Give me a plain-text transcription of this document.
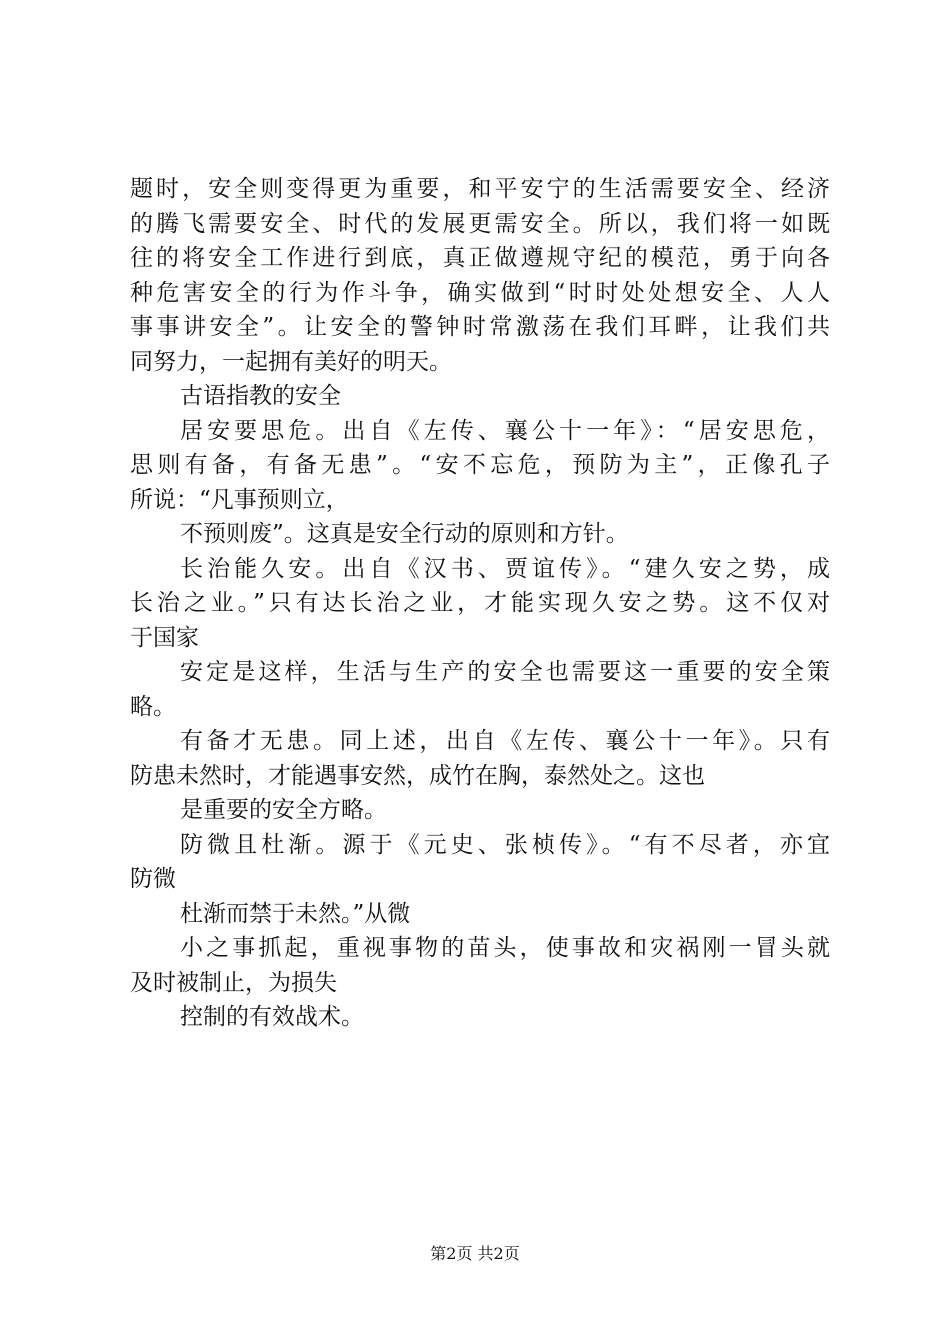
题时，安全则变得更为重要，和平安宁的生活需要安全、经济
的腾飞需要安全、时代的发展更需安全。所以，我们将一如既
往的将安全工作进行到底，真正做遵规守纪的模范，勇于向各
种危害安全的行为作斗争，确实做到“时时处处想安全、人人
事事讲安全”。让安全的警钟时常激荡在我们耳畔，让我们共
同努力，一起拥有美好的明天。
古语指教的安全
居安要思危。出自《左传、襄公十一年》：“居安思危，
思则有备，有备无患”。“安不忘危，预防为主”，正像孔子
所说：“凡事预则立，
不预则废”。这真是安全行动的原则和方针。
长治能久安。出自《汉书、贾谊传》。“建久安之势，成
长治之业。”只有达长治之业，才能实现久安之势。这不仅对
于国家
安定是这样，生活与生产的安全也需要这一重要的安全策
略。
有备才无患。同上述，出自《左传、襄公十一年》。只有
防患未然时，才能遇事安然，成竹在胸，泰然处之。这也
是重要的安全方略。
防微且杜渐。源于《元史、张桢传》。“有不尽者，亦宜
防微
杜渐而禁于未然。”从微
小之事抓起，重视事物的苗头，使事故和灾祸刚一冒头就
及时被制止，为损失
控制的有效战术。
第2页 共2页
